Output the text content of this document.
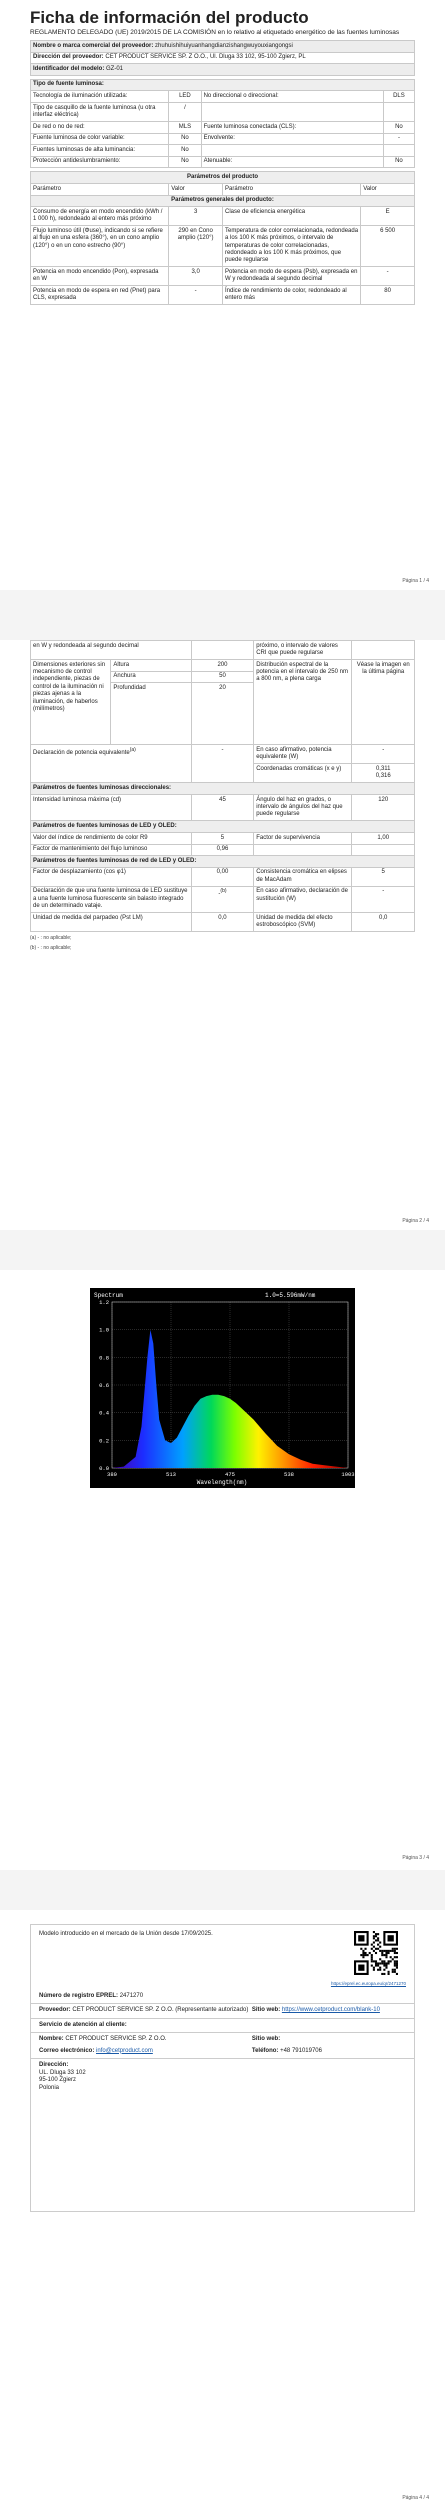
Ficha de información del producto
REGLAMENTO DELEGADO (UE) 2019/2015 DE LA COMISIÓN en lo relativo al etiquetado energético de las fuentes luminosas
Nombre o marca comercial del proveedor: zhuhuishihuiyuanhangdianzishangwuyouxiangongsi
Dirección del proveedor: CET PRODUCT SERVICE SP. Z O.O., Ul. Dluga 33 102, 95-100 Zgierz, PL
Identificador del modelo: GZ-01
Tipo de fuente luminosa:			
Tecnología de iluminación utilizada:	LED	No direccional o direccional:	DLS
Tipo de casquillo de la fuente luminosa (u otra interfaz eléctrica)	/		
De red o no de red:	MLS	Fuente luminosa conectada (CLS):	No
Fuente luminosa de color variable:	No	Envolvente:	-
Fuentes luminosas de alta luminancia:	No		
Protección antideslumbramiento:	No	Atenuable:	No
Parámetros del producto			
Parámetro	Valor	Parámetro	Valor
Parámetros generales del producto:			
Consumo de energía en modo encendido (kWh / 1 000 h), redondeado al entero más próximo	3	Clase de eficiencia energética	E
Flujo luminoso útil (Φuse), indicando si se refiere al flujo en una esfera (360°), en un cono amplio (120°) o en un cono estrecho (90°)	290 en Cono amplio (120°)	Temperatura de color correlacionada, redondeada a los 100 K más próximos, o intervalo de temperaturas de color correlacionadas, redondeado a los 100 K más próximos, que puede regularse	6 500
Potencia en modo encendido (Pon), expresada en W	3,0	Potencia en modo de espera (Psb), expresada en W y redondeada al segundo decimal	-
Potencia en modo de espera en red (Pnet) para CLS, expresada	-	Índice de rendimiento de color, redondeado al entero más	80
Página 1 / 4
en W y redondeada al segundo decimal			próximo, o intervalo de valores CRI que puede regularse	
Dimensiones exteriores sin mecanismo de control independiente, piezas de control de la iluminación ni piezas ajenas a la iluminación, de haberlos (milímetros)	Altura	200	Distribución espectral de la potencia en el intervalo de 250 nm a 800 nm, a plena carga	Véase la imagen en la última página
	Anchura	50		
	Profundidad	20		
Declaración de potencia equivalente$^{(a)}$		-	En caso afirmativo, potencia equivalente (W)	-
			Coordenadas cromáticas (x e y)	0,311
0,316
Parámetros de fuentes luminosas direccionales:				
Intensidad luminosa máxima (cd)		45	Ángulo del haz en grados, o intervalo de ángulos del haz que puede regularse	120
Parámetros de fuentes luminosas de LED y OLED:				
Valor del índice de rendimiento de color R9		5	Factor de supervivencia	1,00
Factor de mantenimiento del flujo luminoso		0,96		
Parámetros de fuentes luminosas de red de LED y OLED:				
Factor de desplazamiento (cos φ1)		0,00	Consistencia cromática en elipses de MacAdam	5
Declaración de que una fuente luminosa de LED sustituye a una fuente luminosa fluorescente sin balasto integrado de un determinado vataje.		-$^{(b)}$	En caso afirmativo, declaración de sustitución (W)	-
Unidad de medida del parpadeo (Pst LM)		0,0	Unidad de medida del efecto estroboscópico (SVM)	0,0
(a) - : no aplicable;
(b) - : no aplicable;
Página 2 / 4
Spectrum	1.0=5.596mW/nm
0.0
0.2
0.4
0.6
0.8
1.0
1.2
380	513	475	538	1003
Wavelength(nm)
Página 3 / 4
Modelo introducido en el mercado de la Unión desde 17/09/2025.
https://eprel.ec.europa.eu/qr/2471270
Número de registro EPREL: 2471270
Proveedor: CET PRODUCT SERVICE SP. Z O.O. (Representante autorizado) Sitio web: https://www.cetproduct.com/blank-10
Servicio de atención al cliente:
Nombre: CET PRODUCT SERVICE SP. Z O.O.	Sitio web:
Correo electrónico: info@cetproduct.com	Teléfono: +48 791019706
Dirección:
UL. Dluga 33 102
95-100 Zgierz
Polonia
Página 4 / 4
